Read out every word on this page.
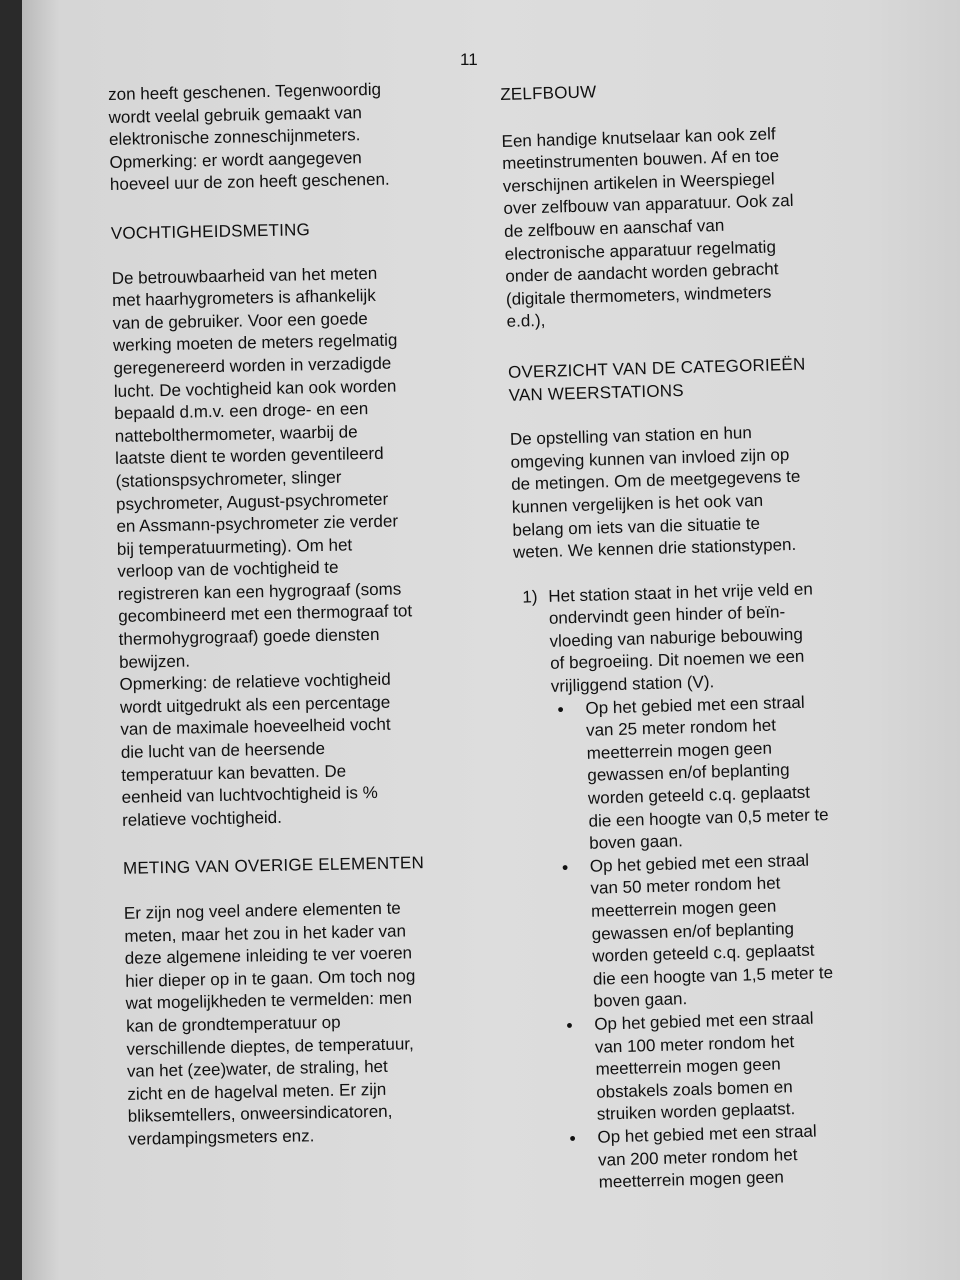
11
zon heeft geschenen. Tegenwoordig
wordt veelal gebruik gemaakt van
elektronische zonneschijnmeters.
Opmerking: er wordt aangegeven
hoeveel uur de zon heeft geschenen.
VOCHTIGHEIDSMETING
De betrouwbaarheid van het meten
met haarhygrometers is afhankelijk
van de gebruiker. Voor een goede
werking moeten de meters regelmatig
geregenereerd worden in verzadigde
lucht. De vochtigheid kan ook worden
bepaald d.m.v. een droge- en een
nattebolthermometer, waarbij de
laatste dient te worden geventileerd
(stationspsychrometer, slinger
psychrometer, August-psychrometer
en Assmann-psychrometer zie verder
bij temperatuurmeting). Om het
verloop van de vochtigheid te
registreren kan een hygrograaf (soms
gecombineerd met een thermograaf tot
thermohygrograaf) goede diensten
bewijzen.
Opmerking: de relatieve vochtigheid
wordt uitgedrukt als een percentage
van de maximale hoeveelheid vocht
die lucht van de heersende
temperatuur kan bevatten. De
eenheid van luchtvochtigheid is %
relatieve vochtigheid.
METING VAN OVERIGE ELEMENTEN
Er zijn nog veel andere elementen te
meten, maar het zou in het kader van
deze algemene inleiding te ver voeren
hier dieper op in te gaan. Om toch nog
wat mogelijkheden te vermelden: men
kan de grondtemperatuur op
verschillende dieptes, de temperatuur,
van het (zee)water, de straling, het
zicht en de hagelval meten. Er zijn
bliksemtellers, onweersindicatoren,
verdampingsmeters enz.
ZELFBOUW
Een handige knutselaar kan ook zelf
meetinstrumenten bouwen. Af en toe
verschijnen artikelen in Weerspiegel
over zelfbouw van apparatuur. Ook zal
de zelfbouw en aanschaf van
electronische apparatuur regelmatig
onder de aandacht worden gebracht
(digitale thermometers, windmeters
e.d.),
OVERZICHT VAN DE CATEGORIEËN
VAN WEERSTATIONS
De opstelling van station en hun
omgeving kunnen van invloed zijn op
de metingen. Om de meetgegevens te
kunnen vergelijken is het ook van
belang om iets van die situatie te
weten. We kennen drie stationstypen.
1) Het station staat in het vrije veld en
ondervindt geen hinder of beïn-
vloeding van naburige bebouwing
of begroeiing. Dit noemen we een
vrijliggend station (V).
• Op het gebied met een straal
van 25 meter rondom het
meetterrein mogen geen
gewassen en/of beplanting
worden geteeld c.q. geplaatst
die een hoogte van 0,5 meter te
boven gaan.
• Op het gebied met een straal
van 50 meter rondom het
meetterrein mogen geen
gewassen en/of beplanting
worden geteeld c.q. geplaatst
die een hoogte van 1,5 meter te
boven gaan.
• Op het gebied met een straal
van 100 meter rondom het
meetterrein mogen geen
obstakels zoals bomen en
struiken worden geplaatst.
• Op het gebied met een straal
van 200 meter rondom het
meetterrein mogen geen
